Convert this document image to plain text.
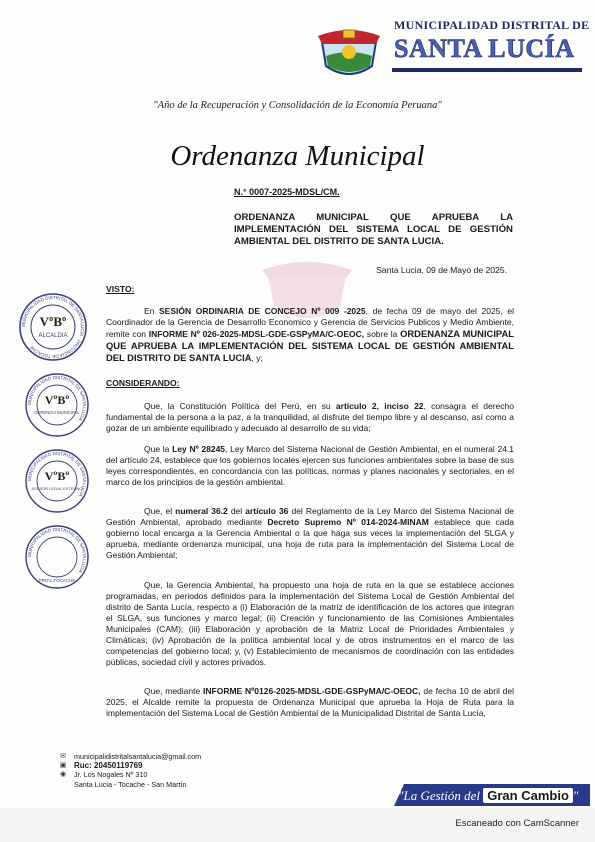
MUNICIPALIDAD DISTRITAL DE
SANTA LUCÍA
"Año de la Recuperación y Consolidación de la Economía Peruana"
Ordenanza Municipal
N.° 0007-2025-MDSL/CM.
ORDENANZA MUNICIPAL QUE APRUEBA LA IMPLEMENTACIÓN DEL SISTEMA LOCAL DE GESTIÓN AMBIENTAL DEL DISTRITO DE SANTA LUCIA.
Santa Lucia, 09 de Mayo de 2025.
VISTO:

En SESIÓN ORDINARIA DE CONCEJO Nº 009 -2025, de fecha 09 de mayo del 2025, el Coordinador de la Gerencia de Desarrollo Economico y Gerencia de Servicios Publicos y Medio Ambiente, remite con INFORME Nº 026-2025-MDSL-GDE-GSPyMA/C-OEOC, sobre la ORDENANZA MUNICIPAL QUE APRUEBA LA IMPLEMENTACIÓN DEL SISTEMA LOCAL DE GESTIÓN AMBIENTAL DEL DISTRITO DE SANTA LUCIA, y;

CONSIDERANDO:

Que, la Constitución Política del Perú, en su artículo 2, inciso 22, consagra el derecho fundamental de la persona a la paz, a la tranquilidad, al disfrute del tiempo libre y al descanso, así como a gozar de un ambiente equilibrado y adecuado al desarrollo de su vida;

Que la Ley Nº 28245, Ley Marco del Sistema Nacional de Gestión Ambiental, en el numeral 24.1 del artículo 24, establece que los gobiernos locales ejercen sus funciones ambientales sobre la base de sus leyes correspondientes, en concordancia con las políticas, normas y planes nacionales y sectoriales, en el marco de los principios de la gestión ambiental.

Que, el numeral 36.2 del artículo 36 del Reglamento de la Ley Marco del Sistema Nacional de Gestión Ambiental, aprobado mediante Decreto Supremo Nº 014-2024-MINAM establece que cada gobierno local encarga a la Gerencia Ambiental o la que haga sus veces la implementación del SLGA y aprueba, mediante ordenanza municipal, una hoja de ruta para la implementación del Sistema Local de Gestión Ambiental;

Que, la Gerencia Ambiental, ha propuesto una hoja de ruta en la que se establece acciones programadas, en periodos definidos para la implementación del Sistema Local de Gestión Ambiental del distrito de Santa Lucía, respecto a (i) Elaboración de la matriz de identificación de los actores que integran el SLGA, sus funciones y marco legal; (ii) Creación y funcionamiento de las Comisiones Ambientales Municipales (CAM); (iii) Elaboración y aprobación de la Matriz Local de Prioridades Ambientales y Climáticas; (iv) Aprobación de la política ambiental local y de otros instrumentos en el marco de las competencias del gobierno local; y, (v) Establecimiento de mecanismos de coordinación con las entidades públicas, sociedad civil y actores privados.

Que, mediante INFORME Nº0126-2025-MDSL-GDE-GSPyMA/C-OEOC, de fecha 10 de abril del 2025, el Alcalde remite la propuesta de Ordenanza Municipal que aprueba la Hoja de Ruta para la implementación del Sistema Local de Gestión Ambiental de la Municipalidad Distrital de Santa Lucía,

VºBº
ALCALDIA
MUNICIPALIDAD DISTRITAL DE SANTA LUCIA · PROVINCIA DE TOCACHE
VºBº
GERENCIA MUNICIPAL
MUNICIPALIDAD DISTRITAL DE SANTA LUCIA
VºBº
ASESOR LEGAL EXTERNO
MUNICIPALIDAD DISTRITAL DE SANTA LUCIA
PROV. TOCACHE
MUNICIPALIDAD DISTRITAL DE SANTA LUCIA
✉ municipalidistritalsantalucia@gmail.com
▣ Ruc: 20450119769
◉ Jr. Los Nogales Nº 310
Santa Lucia - Tocache - San Martín
"La Gestión del Gran Cambio "
Escaneado con CamScanner
